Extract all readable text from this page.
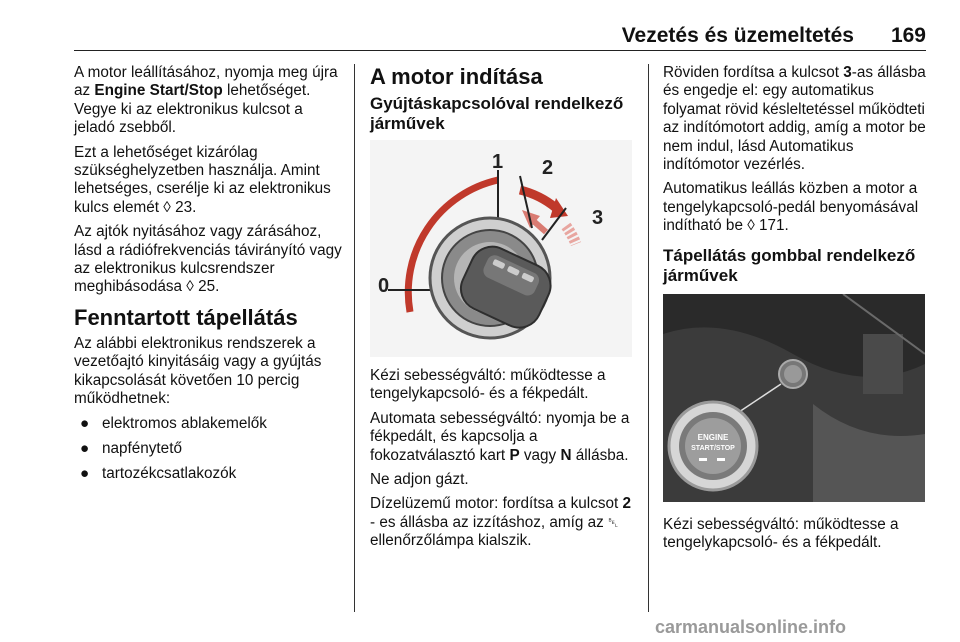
Vezetés és üzemeltetés 169

A motor leállításához, nyomja meg újra az Engine Start/Stop lehetőséget. Vegye ki az elektronikus kulcsot a jeladó zsebből.

Ezt a lehetőséget kizárólag szükséghelyzetben használja. Amint lehetséges, cserélje ki az elektronikus kulcs elemét ◊ 23.

Az ajtók nyitásához vagy zárásához, lásd a rádiófrekvenciás távirányító vagy az elektronikus kulcsrendszer meghibásodása ◊ 25.

Fenntartott tápellátás

Az alábbi elektronikus rendszerek a vezetőajtó kinyitásáig vagy a gyújtás kikapcsolását követően 10 percig működhetnek:

● elektromos ablakemelők
● napfénytető
● tartozékcsatlakozók
A motor indítása
Gyújtáskapcsolóval rendelkező járművek
1 2
3
0

Kézi sebességváltó: működtesse a tengelykapcsoló- és a fékpedált.

Automata sebességváltó: nyomja be a fékpedált, és kapcsolja a fokozatválasztó kart P vagy N állásba.

Ne adjon gázt.

Dízelüzemű motor: fordítsa a kulcsot 2 - es állásba az izzításhoz, amíg az ␇ ellenőrzőlámpa kialszik.

Röviden fordítsa a kulcsot 3-as állásba és engedje el: egy automatikus folyamat rövid késleltetéssel működteti az indítómotort addig, amíg a motor be nem indul, lásd Automatikus indítómotor vezérlés.

Automatikus leállás közben a motor a tengelykapcsoló-pedál benyomásával indítható be ◊ 171.

Tápellátás gombbal rendelkező járművek
ENGINE
START/STOP

Kézi sebességváltó: működtesse a tengelykapcsoló- és a fékpedált.

carmanualsonline.info
